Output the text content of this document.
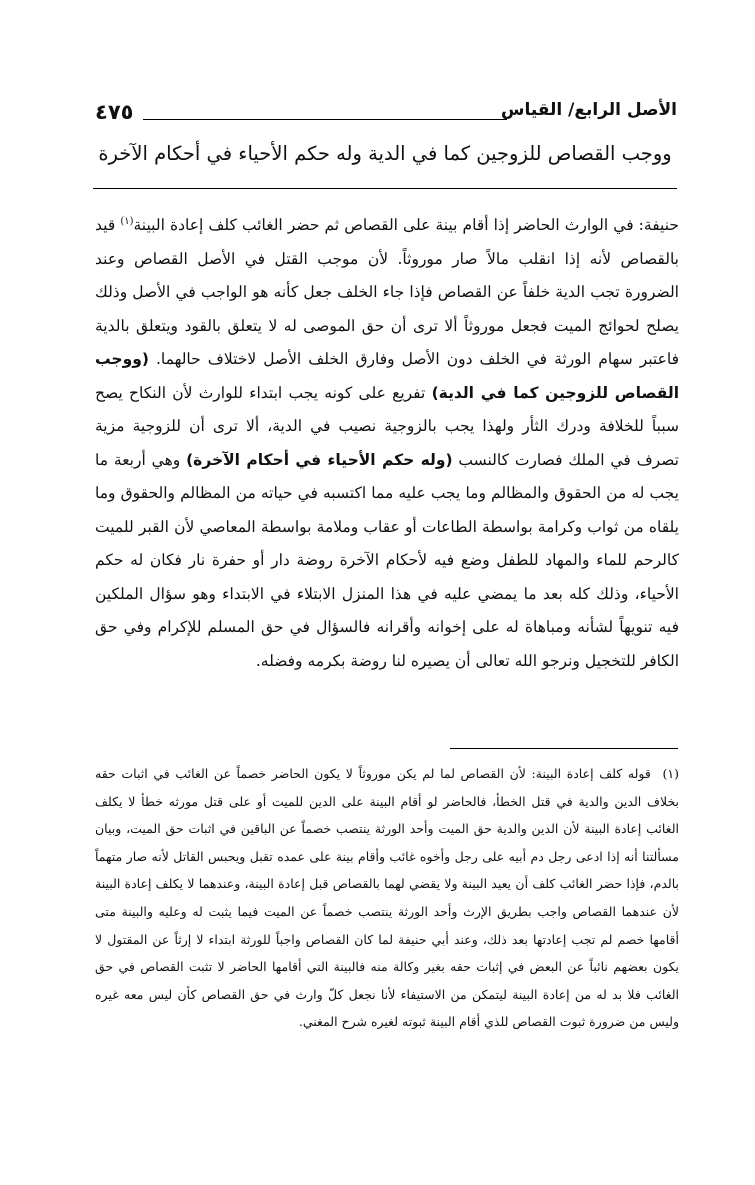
٤٧٥	الأصل الرابع/ القياس
ووجب القصاص للزوجين كما في الدية وله حكم الأحياء في أحكام الآخرة
حنيفة: في الوارث الحاضر إذا أقام بينة على القصاص ثم حضر الغائب كلف إعادة البينة$^{(١)}$ قيد بالقصاص لأنه إذا انقلب مالاً صار موروثاً. لأن موجب القتل في الأصل القصاص وعند الضرورة تجب الدية خلفاً عن القصاص فإذا جاء الخلف جعل كأنه هو الواجب في الأصل وذلك يصلح لحوائج الميت فجعل موروثاً ألا ترى أن حق الموصى له لا يتعلق بالقود ويتعلق بالدية فاعتبر سهام الورثة في الخلف دون الأصل وفارق الخلف الأصل لاختلاف حالهما. (ووجب القصاص للزوجين كما في الدية) تفريع على كونه يجب ابتداء للوارث لأن النكاح يصح سبباً للخلافة ودرك الثأر ولهذا يجب بالزوجية نصيب في الدية، ألا ترى أن للزوجية مزية تصرف في الملك فصارت كالنسب (وله حكم الأحياء في أحكام الآخرة) وهي أربعة ما يجب له من الحقوق والمظالم وما يجب عليه مما اكتسبه في حياته من المظالم والحقوق وما يلقاه من ثواب وكرامة بواسطة الطاعات أو عقاب وملامة بواسطة المعاصي لأن القبر للميت كالرحم للماء والمهاد للطفل وضع فيه لأحكام الآخرة روضة دار أو حفرة نار فكان له حكم الأحياء، وذلك كله بعد ما يمضي عليه في هذا المنزل الابتلاء في الابتداء وهو سؤال الملكين فيه تنويهاً لشأنه ومباهاة له على إخوانه وأقرانه فالسؤال في حق المسلم للإكرام وفي حق الكافر للتخجيل ونرجو الله تعالى أن يصيره لنا روضة بكرمه وفضله.
(١) قوله كلف إعادة البينة: لأن القصاص لما لم يكن موروثاً لا يكون الحاضر خصماً عن الغائب في اثبات حقه بخلاف الدين والدية في قتل الخطأ، فالحاضر لو أقام البينة على الدين للميت أو على قتل مورثه خطأ لا يكلف الغائب إعادة البينة لأن الدين والدية حق الميت وأحد الورثة ينتصب خصماً عن الباقين في اثبات حق الميت، وبيان مسألتنا أنه إذا ادعى رجل دم أبيه على رجل وأخوه غائب وأقام بينة على عمده تقبل ويحبس القاتل لأنه صار متهماً بالدم، فإذا حضر الغائب كلف أن يعيد البينة ولا يقضي لهما بالقصاص قبل إعادة البينة، وعندهما لا يكلف إعادة البينة لأن عندهما القصاص واجب بطريق الإرث وأحد الورثة ينتصب خصماً عن الميت فيما يثبت له وعليه والبينة متى أقامها خصم لم تجب إعادتها بعد ذلك، وعند أبي حنيفة لما كان القصاص واجباً للورثة ابتداء لا إرثاً عن المقتول لا يكون بعضهم نائباً عن البعض في إثبات حقه بغير وكالة منه فالبينة التي أقامها الحاضر لا تثبت القصاص في حق الغائب فلا بد له من إعادة البينة ليتمكن من الاستيفاء لأنا نجعل كلّ وارث في حق القصاص كأن ليس معه غيره وليس من ضرورة ثبوت القصاص للذي أقام البينة ثبوته لغيره شرح المغني.
